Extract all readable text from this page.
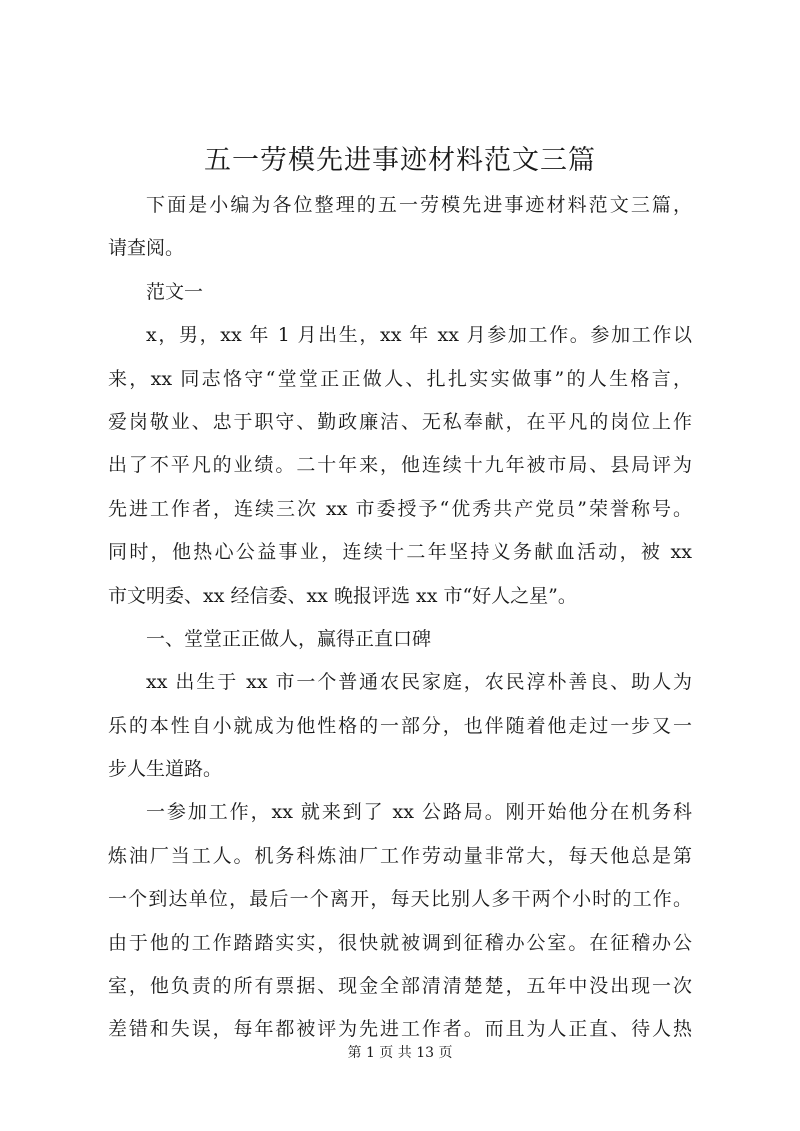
五一劳模先进事迹材料范文三篇

下面是小编为各位整理的五一劳模先进事迹材料范文三篇，

请查阅。

范文一

x，男，xx 年 1 月出生，xx 年 xx 月参加工作。参加工作以

来，xx 同志恪守“堂堂正正做人、扎扎实实做事”的人生格言，

爱岗敬业、忠于职守、勤政廉洁、无私奉献，在平凡的岗位上作

出了不平凡的业绩。二十年来，他连续十九年被市局、县局评为

先进工作者，连续三次 xx 市委授予“优秀共产党员”荣誉称号。

同时，他热心公益事业，连续十二年坚持义务献血活动，被 xx

市文明委、xx 经信委、xx 晚报评选 xx 市“好人之星”。

一、堂堂正正做人，赢得正直口碑

xx 出生于 xx 市一个普通农民家庭，农民淳朴善良、助人为

乐的本性自小就成为他性格的一部分，也伴随着他走过一步又一

步人生道路。

一参加工作，xx 就来到了 xx 公路局。刚开始他分在机务科

炼油厂当工人。机务科炼油厂工作劳动量非常大，每天他总是第

一个到达单位，最后一个离开，每天比别人多干两个小时的工作。

由于他的工作踏踏实实，很快就被调到征稽办公室。在征稽办公

室，他负责的所有票据、现金全部清清楚楚，五年中没出现一次

差错和失误，每年都被评为先进工作者。而且为人正直、待人热

第 1 页 共 13 页
